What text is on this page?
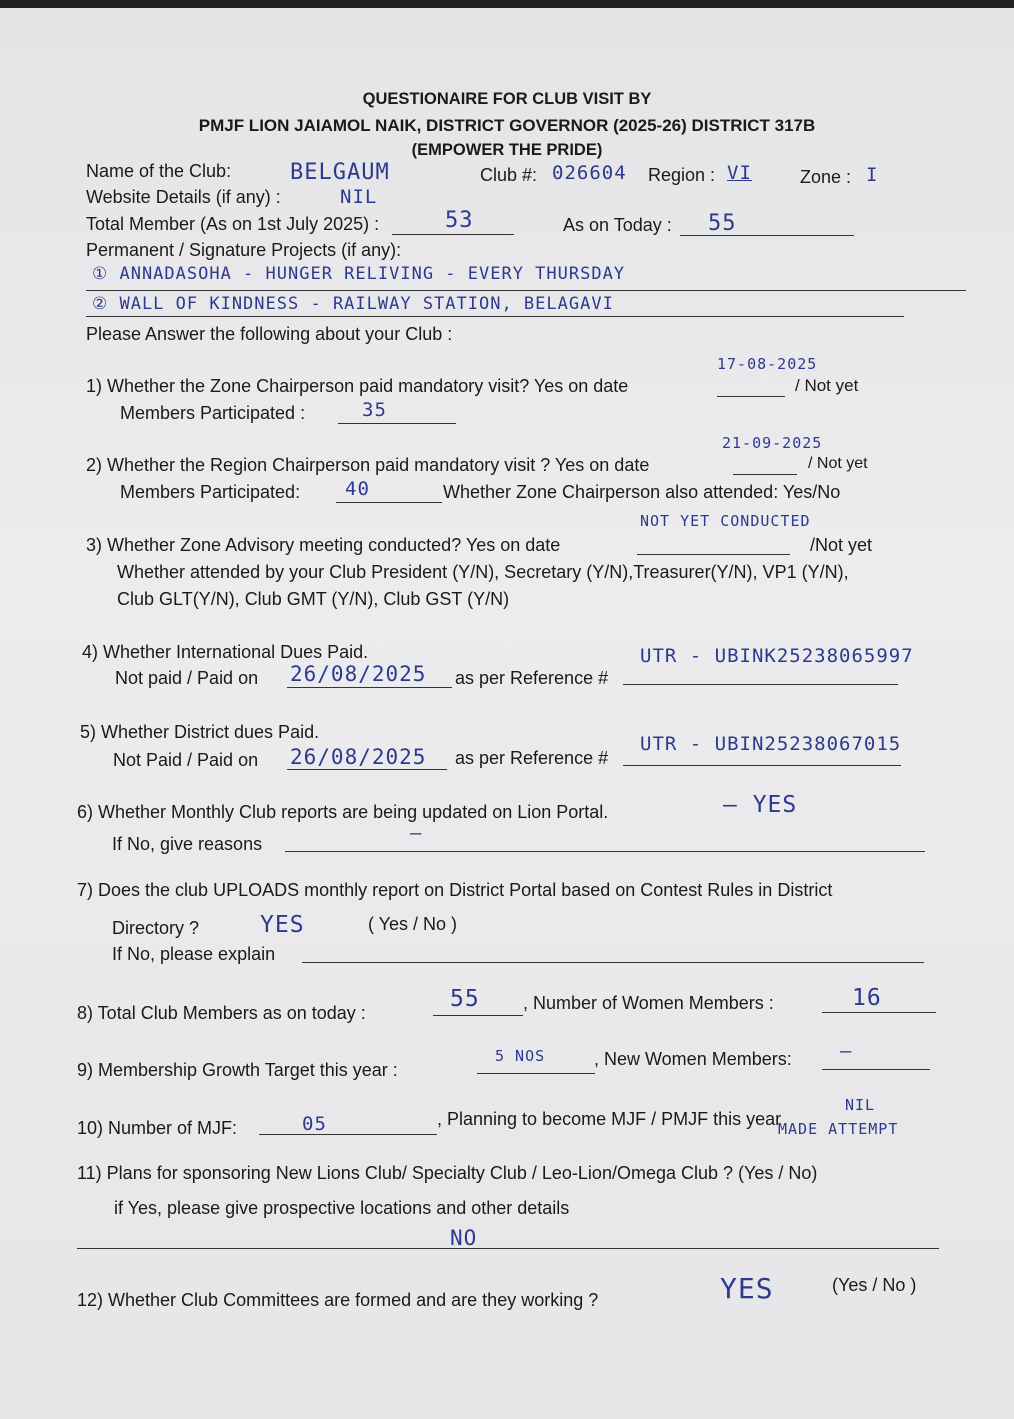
QUESTIONAIRE FOR CLUB VISIT BY
PMJF LION JAIAMOL NAIK, DISTRICT GOVERNOR (2025-26) DISTRICT 317B
(EMPOWER THE PRIDE)
Name of the Club:	BELGAUM	Club #: 026604 Region : VI	Zone : I
Website Details (if any) :	NIL
Total Member (As on 1st July 2025) :	53	As on Today : 55
Permanent / Signature Projects (if any):
① ANNADASOHA - HUNGER RELIVING - EVERY THURSDAY
② WALL OF KINDNESS - RAILWAY STATION, BELAGAVI
Please Answer the following about your Club :
17-08-2025
1) Whether the Zone Chairperson paid mandatory visit? Yes on date	/ Not yet
Members Participated :	35
21-09-2025
2) Whether the Region Chairperson paid mandatory visit ? Yes on date	/ Not yet
Members Participated: 40	Whether Zone Chairperson also attended: Yes/No
NOT YET CONDUCTED
3) Whether Zone Advisory meeting conducted? Yes on date	/Not yet
Whether attended by your Club President (Y/N), Secretary (Y/N),Treasurer(Y/N), VP1 (Y/N),
Club GLT(Y/N), Club GMT (Y/N), Club GST (Y/N)
4) Whether International Dues Paid.
Not paid / Paid on 26/08/2025 as per Reference #
UTR - UBINK25238065997
5) Whether District dues Paid.
Not Paid / Paid on 26/08/2025 as per Reference #
UTR - UBIN25238067015
6) Whether Monthly Club reports are being updated on Lion Portal.	— YES
If No, give reasons	—
7) Does the club UPLOADS monthly report on District Portal based on Contest Rules in District
Directory ?	YES	( Yes / No )
If No, please explain
8) Total Club Members as on today :
55 , Number of Women Members :	16
9) Membership Growth Target this year :
5 NOS	, New Women Members:	—
10) Number of MJF:	05	, Planning to become MJF / PMJF this year
NIL
MADE ATTEMPT
11) Plans for sponsoring New Lions Club/ Specialty Club / Leo-Lion/Omega Club ? (Yes / No)
if Yes, please give prospective locations and other details
NO
12) Whether Club Committees are formed and are they working ?	YES	(Yes / No )
